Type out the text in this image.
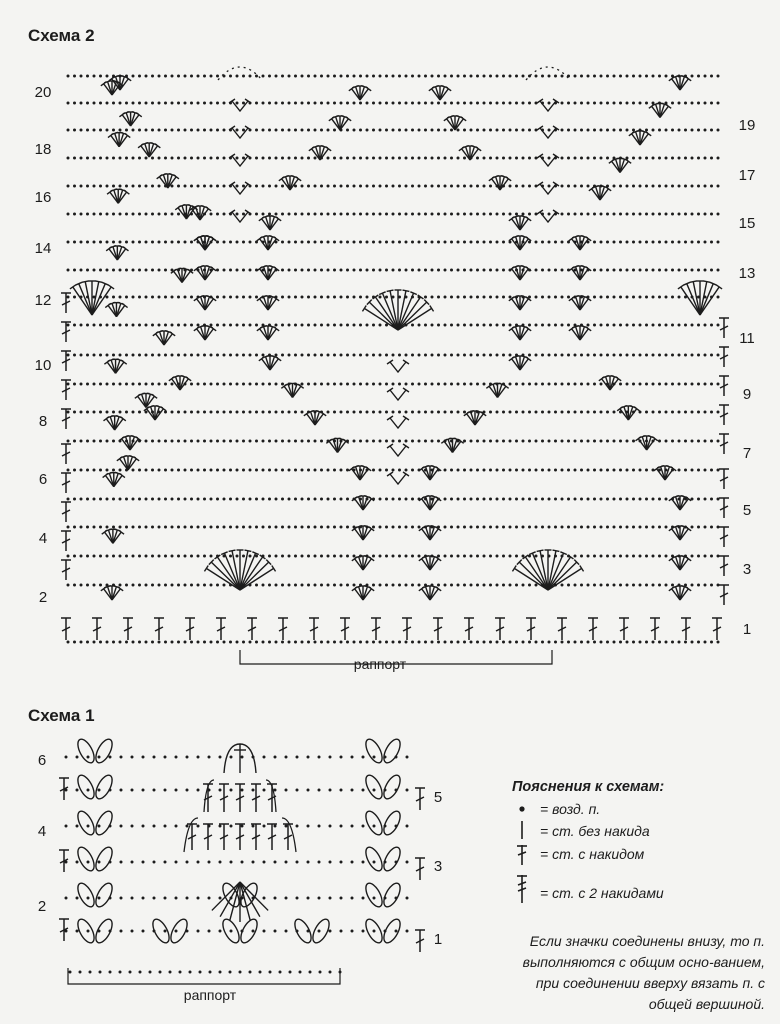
Схема 2
20
18
16
14
12
10
8
6
4
2
19
17
15
13
11
9
7
5
3
1
раппорт
Схема 1
6
4
2
5
3
1
раппорт
Пояснения к схемам:
= возд. п.
= ст. без накида
= ст. с накидом
= ст. с 2 накидами
Если значки соединены внизу, то п. выполняются с общим осно-ванием, при соединении вверху вязать п. с общей вершиной.
